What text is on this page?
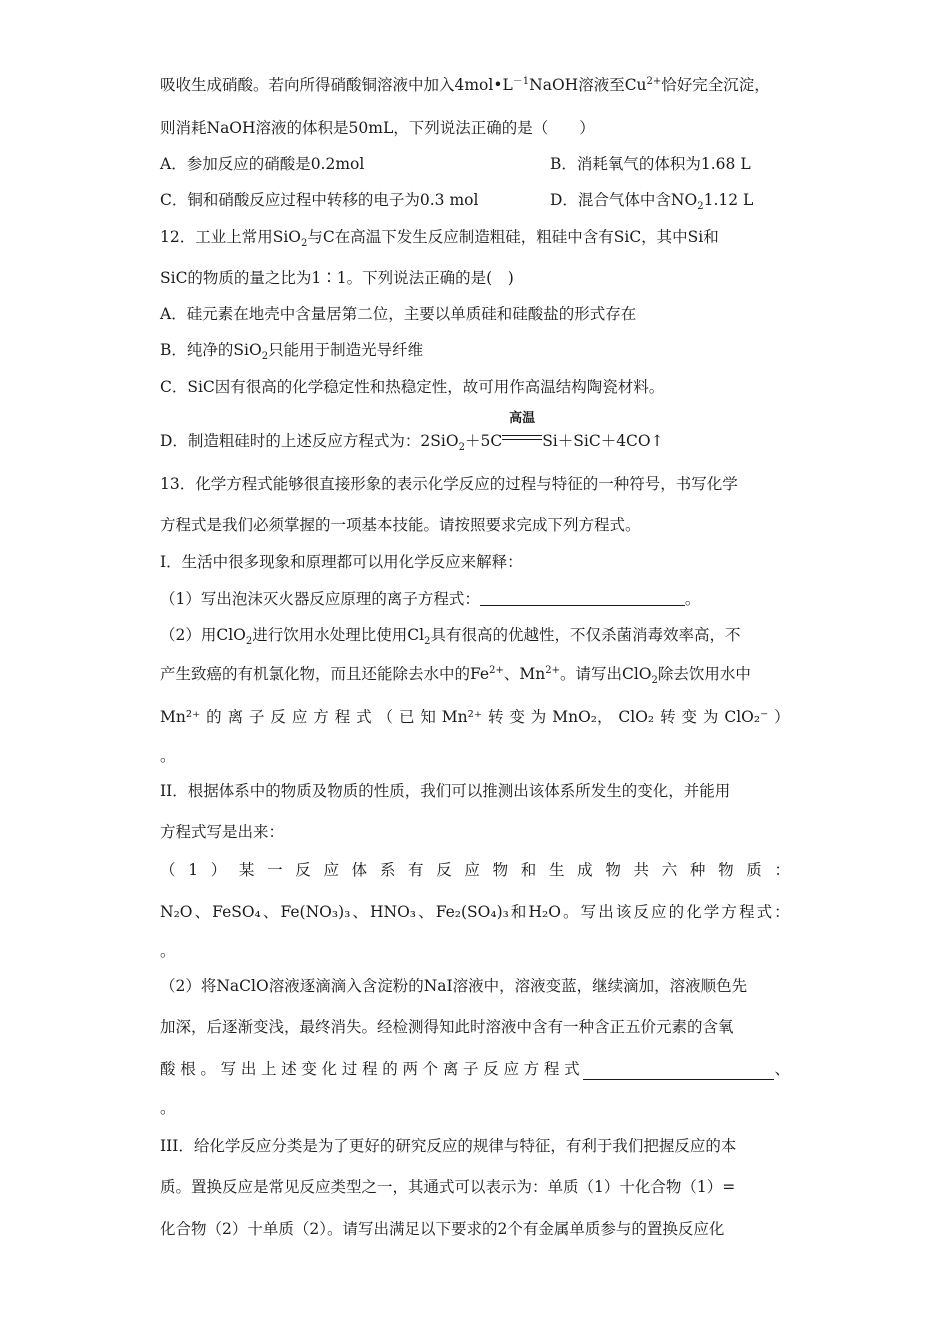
吸收生成硝酸。若向所得硝酸铜溶液中加入$4mol•L^{-1}NaOH$溶液至$Cu^{2+}$恰好完全沉淀，
则消耗NaOH溶液的体积是50mL，下列说法正确的是（　　）
A．参加反应的硝酸是0.2mol	B．消耗氧气的体积为1.68 L
C．铜和硝酸反应过程中转移的电子为0.3 mol	D．混合气体中含$NO_21.12$ L
12．工业上常用SiO$_2$与C在高温下发生反应制造粗硅，粗硅中含有SiC，其中Si和
SiC的物质的量之比为1∶1。下列说法正确的是(　)
A．硅元素在地壳中含量居第二位，主要以单质硅和硅酸盐的形式存在
B．纯净的SiO$_2$只能用于制造光导纤维
C．SiC因有很高的化学稳定性和热稳定性，故可用作高温结构陶瓷材料。
D．制造粗硅时的上述反应方程式为：2SiO$_2$＋5C
高温
Si＋SiC＋4CO↑
13．化学方程式能够很直接形象的表示化学反应的过程与特征的一种符号，书写化学
方程式是我们必须掌握的一项基本技能。请按照要求完成下列方程式。
I．生活中很多现象和原理都可以用化学反应来解释：
（1）写出泡沫灭火器反应原理的离子方程式：	。
（2）用ClO$_2$进行饮用水处理比使用$Cl_2$具有很高的优越性，不仅杀菌消毒效率高，不
产生致癌的有机氯化物，而且还能除去水中的$Fe^{2+}$、$Mn^{2+}$。请写出ClO$_2$除去饮用水中
Mn²⁺ 的 离 子 反 应 方 程 式 （ 已 知 Mn²⁺ 转 变 为 MnO₂， ClO₂ 转 变 为 ClO₂⁻ ）
。
II．根据体系中的物质及物质的性质，我们可以推测出该体系所发生的变化，并能用
方程式写是出来：
（ 1 ） 某 一 反 应 体 系 有 反 应 物 和 生 成 物 共 六 种 物 质 ：
N₂O 、 FeSO₄ 、 Fe(NO₃)₃ 、 HNO₃ 、 Fe₂(SO₄)₃ 和 H₂O 。 写 出 该 反 应 的 化 学 方 程 式 ：
。
（2）将NaClO溶液逐滴滴入含淀粉的NaI溶液中，溶液变蓝，继续滴加，溶液顺色先
加深，后逐渐变浅，最终消失。经检测得知此时溶液中含有一种含正五价元素的含氧
酸 根 。 写 出 上 述 变 化 过 程 的 两 个 离 子 反 应 方 程 式	、
。
III．给化学反应分类是为了更好的研究反应的规律与特征，有利于我们把握反应的本
质。置换反应是常见反应类型之一，其通式可以表示为：单质（1）十化合物（1）=
化合物（2）十单质（2）。请写出满足以下要求的2个有金属单质参与的置换反应化
